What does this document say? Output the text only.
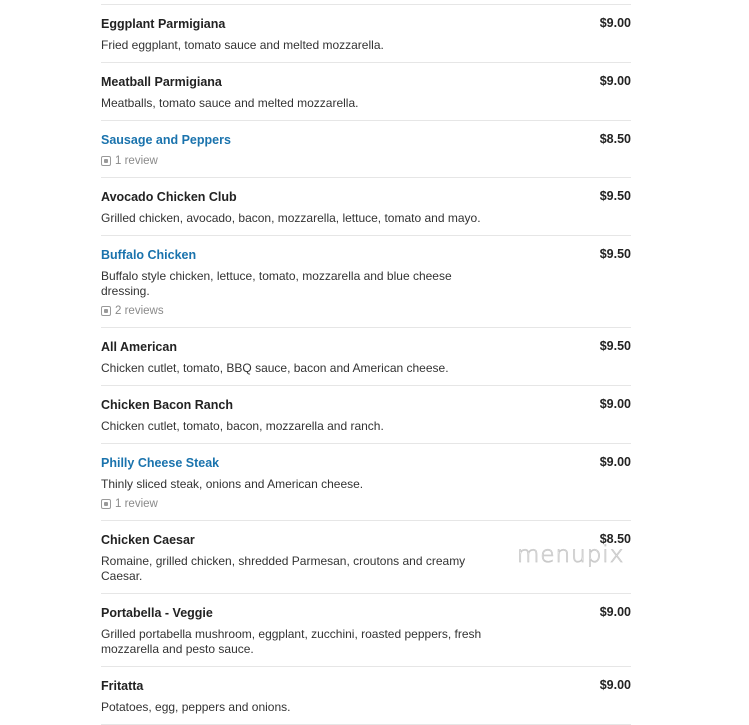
Eggplant Parmigiana	$9.00
Fried eggplant, tomato sauce and melted mozzarella.
Meatball Parmigiana	$9.00
Meatballs, tomato sauce and melted mozzarella.
Sausage and Peppers	$8.50
1 review
Avocado Chicken Club	$9.50
Grilled chicken, avocado, bacon, mozzarella, lettuce, tomato and mayo.
Buffalo Chicken	$9.50
Buffalo style chicken, lettuce, tomato, mozzarella and blue cheese dressing.
2 reviews
All American	$9.50
Chicken cutlet, tomato, BBQ sauce, bacon and American cheese.
Chicken Bacon Ranch	$9.00
Chicken cutlet, tomato, bacon, mozzarella and ranch.
Philly Cheese Steak	$9.00
Thinly sliced steak, onions and American cheese.
1 review
Chicken Caesar	$8.50
Romaine, grilled chicken, shredded Parmesan, croutons and creamy Caesar.
Portabella - Veggie	$9.00
Grilled portabella mushroom, eggplant, zucchini, roasted peppers, fresh mozzarella and pesto sauce.
Fritatta	$9.00
Potatoes, egg, peppers and onions.
menupix
